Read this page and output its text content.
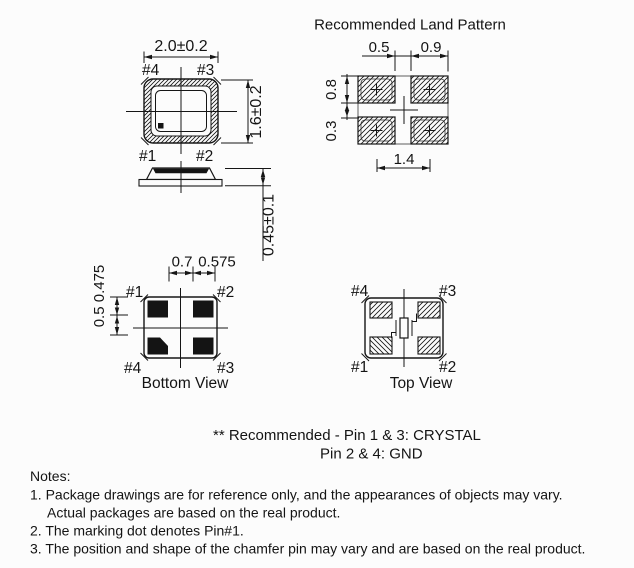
2.0±0.2
1.6±0.2
#4 #3
#1	#2
0.45±0.1
Recommended Land Pattern
0.5 0.9
0.8
0.3
1.4
0.7 0.575
0.5 0.475 #1	#2
#4	#3
Bottom View
#4	#3
#1	#2
Top View
** Recommended - Pin 1 & 3: CRYSTAL
Pin 2 & 4: GND
Notes:
1. Package drawings are for reference only, and the appearances of objects may vary.
Actual packages are based on the real product.
2. The marking dot denotes Pin#1.
3. The position and shape of the chamfer pin may vary and are based on the real product.
